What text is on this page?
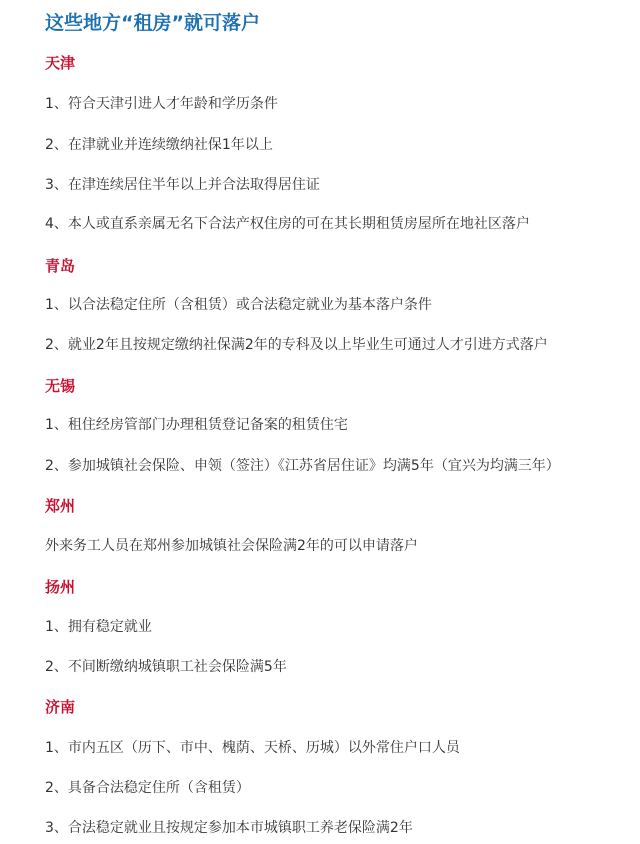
这些地方“租房”就可落户
天津
1、符合天津引进人才年龄和学历条件
2、在津就业并连续缴纳社保1年以上
3、在津连续居住半年以上并合法取得居住证
4、本人或直系亲属无名下合法产权住房的可在其长期租赁房屋所在地社区落户
青岛
1、以合法稳定住所（含租赁）或合法稳定就业为基本落户条件
2、就业2年且按规定缴纳社保满2年的专科及以上毕业生可通过人才引进方式落户
无锡
1、租住经房管部门办理租赁登记备案的租赁住宅
2、参加城镇社会保险、申领（签注）《江苏省居住证》均满5年（宜兴为均满三年）
郑州
外来务工人员在郑州参加城镇社会保险满2年的可以申请落户
扬州
1、拥有稳定就业
2、不间断缴纳城镇职工社会保险满5年
济南
1、市内五区（历下、市中、槐荫、天桥、历城）以外常住户口人员
2、具备合法稳定住所（含租赁）
3、合法稳定就业且按规定参加本市城镇职工养老保险满2年
